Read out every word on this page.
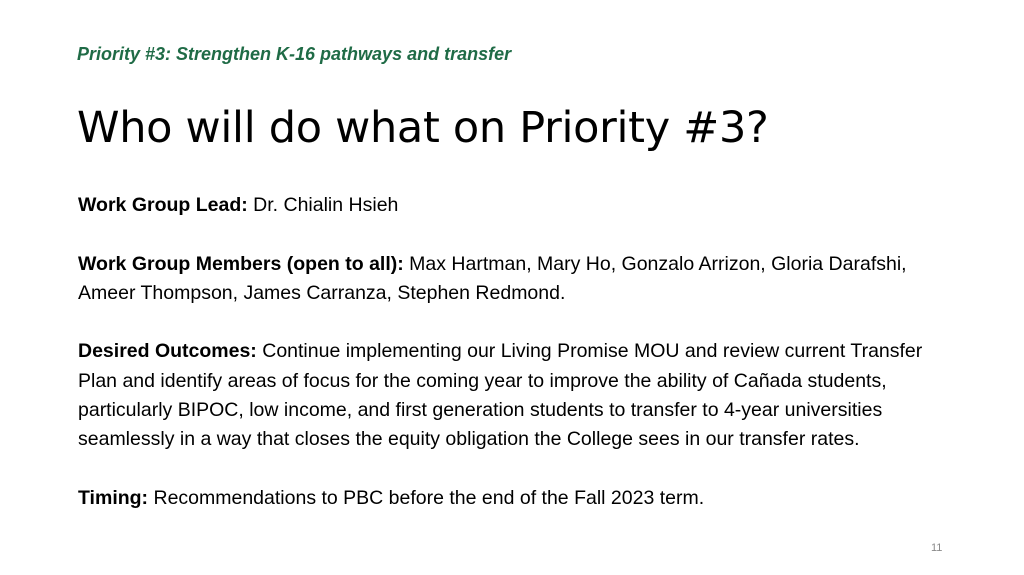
Priority #3: Strengthen K-16 pathways and transfer
Who will do what on Priority #3?

Work Group Lead: Dr. Chialin Hsieh

Work Group Members (open to all): Max Hartman, Mary Ho, Gonzalo Arrizon, Gloria Darafshi, Ameer Thompson, James Carranza, Stephen Redmond.

Desired Outcomes: Continue implementing our Living Promise MOU and review current Transfer Plan and identify areas of focus for the coming year to improve the ability of Cañada students, particularly BIPOC, low income, and first generation students to transfer to 4-year universities seamlessly in a way that closes the equity obligation the College sees in our transfer rates.

Timing: Recommendations to PBC before the end of the Fall 2023 term.

11
